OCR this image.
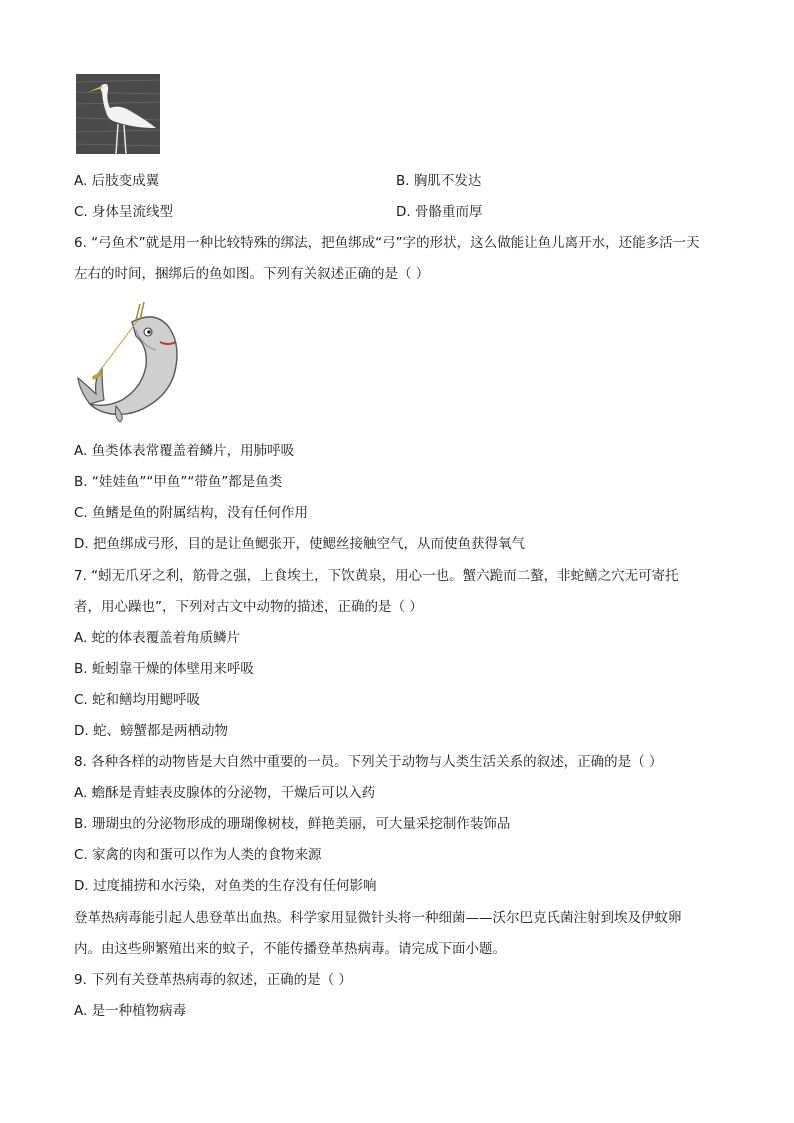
A. 后肢变成翼	B. 胸肌不发达
C. 身体呈流线型	D. 骨骼重而厚
6. “弓鱼术”就是用一种比较特殊的绑法，把鱼绑成“弓”字的形状，这么做能让鱼儿离开水，还能多活一天
左右的时间，捆绑后的鱼如图。下列有关叙述正确的是（ ）
A. 鱼类体表常覆盖着鳞片，用肺呼吸
B. “娃娃鱼”“甲鱼”“带鱼”都是鱼类
C. 鱼鳍是鱼的附属结构，没有任何作用
D. 把鱼绑成弓形，目的是让鱼鳃张开，使鳃丝接触空气，从而使鱼获得氧气
7. “蚓无爪牙之利，筋骨之强，上食埃土，下饮黄泉，用心一也。蟹六跪而二螯，非蛇鳝之穴无可寄托
者，用心躁也”，下列对古文中动物的描述，正确的是（ ）
A. 蛇的体表覆盖着角质鳞片
B. 蚯蚓靠干燥的体壁用来呼吸
C. 蛇和鳝均用鳃呼吸
D. 蛇、螃蟹都是两栖动物
8. 各种各样的动物皆是大自然中重要的一员。下列关于动物与人类生活关系的叙述，正确的是（ ）
A. 蟾酥是青蛙表皮腺体的分泌物，干燥后可以入药
B. 珊瑚虫的分泌物形成的珊瑚像树枝，鲜艳美丽，可大量采挖制作装饰品
C. 家禽的肉和蛋可以作为人类的食物来源
D. 过度捕捞和水污染，对鱼类的生存没有任何影响
登革热病毒能引起人患登革出血热。科学家用显微针头将一种细菌——沃尔巴克氏菌注射到埃及伊蚊卵
内。由这些卵繁殖出来的蚊子，不能传播登革热病毒。请完成下面小题。
9. 下列有关登革热病毒的叙述，正确的是（ ）
A. 是一种植物病毒
